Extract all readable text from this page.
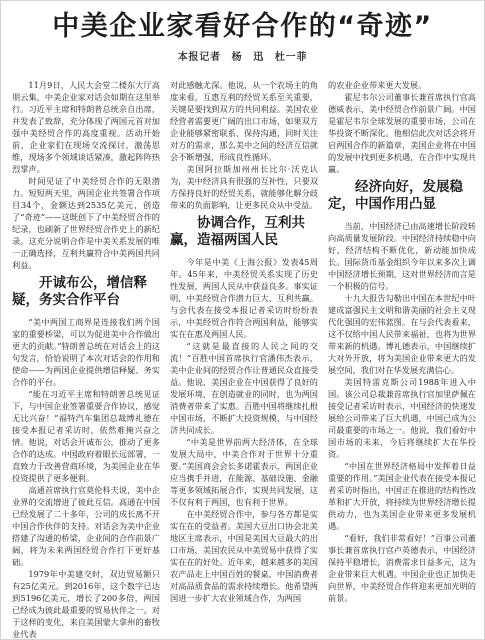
中美企业家看好合作的“奇迹”
本报记者　杨　迅　杜一菲

11月9日，人民大会堂二楼东大厅高朋云集，中美企业家对话会如期在这里举行。习近平主席和特朗普总统亲自出席，并发表了致辞，充分体现了两国元首对加强中美经贸合作的高度重视。活动开始前，企业家们在现场交流探讨，激荡思维，现场多个领域谈话紧凑，激起阵阵热烈掌声。

时间见证了中美经贸合作的无限潜力。短短两天里，两国企业共签署合作项目34个，金额达到2535亿美元，创造了“奇迹”——这既创下了中美经贸合作的纪录，也刷新了世界经贸合作史上的新纪录。这充分说明合作是中美关系发展的唯一正确选择，互利共赢符合中美两国共同利益。

开诚布公，增信释疑，务实合作平台

“美中两国工商界是连接我们两个国家的重要桥梁，可以为促进美中合作做出更大的贡献。”特朗普总统在对话会上的这句发言，恰恰说明了本次对话会的作用和使命——为两国企业提供增信释疑、务实合作的平台。

“能在习近平主席和特朗普总统见证下，与中国企业签署重要合作协议，感觉无比兴奋！”福特汽车集团总裁博礼德在接受本报记者采访时，依然难掩兴奋之情。他说，对话会开诚布公，推动了更多合作的达成。中国政府着眼长远部署，一直致力于改善营商环境，为美国企业在华投资提供了更多便利。

高通首席执行官莫伦科夫说，美中企业界的交流增进了彼此互信。高通在中国已经发展了二十多年，公司的成长离不开中国合作伙伴的支持。对话会为美中企业搭建了沟通的桥梁，企业间的合作前景广阔，将为未来两国经贸合作打下更好基础。

1979年中美建交时，双边贸易额只有25亿美元。到2016年，这个数字已达到5196亿美元，增长了200多倍，两国已经成为彼此最重要的贸易伙伴之一。对于这样的变化，来自美国蒙大拿州的畜牧业代表

对此感触尤深。他说，从一个农场主的角度来看，互惠互利的经贸关系至关重要，关键是要找到双方的共同利益。美国农业经营者需要更广阔的出口市场，如果双方企业能够紧密联系、保持沟通，同时关注对方的需求，那么美中之间的经济互信就会不断增强，形成良性循环。

美国阿拉斯加州州长比尔·沃克认为，美中经济具有很强的互补性，只要双方保持良好的经贸关系，就能够化解分歧带来的负面影响，让更多民众从中受益。

协调合作，互利共赢，造福两国人民

今年是中美《上海公报》发表45周年。45年来，中美经贸关系实现了历史性发展，两国人民从中获益良多。事实证明，中美经贸合作潜力巨大、互利共赢。与会代表在接受本报记者采访时纷纷表示，中美经贸合作符合两国利益，能够实实在在惠及两国人民。

“这就是最直接的人民之间的交流！”百胜中国首席执行官潘伟杰表示，美中企业间的经贸合作让普通民众直接受益。他说，美国企业在中国获得了良好的发展环境，在创造就业的同时，也为两国消费者带来了实惠。百胜中国将继续扎根中国市场，不断扩大投资规模，与中国经济共同成长。

“中美是世界前两大经济体，在全球发展大局中，中美合作对于世界十分重要。”美国商会会长多诺霍表示，两国企业应当携手并进，在能源、基础设施、金融等更多领域拓展合作，实现共同发展，这不仅有利于两国，也有利于世界。

在中美经贸合作中，参与各方都是实实在在的受益者。美国大豆出口协会北美地区主席表示，中国是美国大豆最大的出口市场，美国农民从中美贸易中获得了实实在在的好处。近年来，越来越多的美国农产品走上中国百姓的餐桌，中国消费者对高品质食品的需求持续增长。他希望两国进一步扩大农业领域合作，为两国

的农业企业带来更大发展。

霍尼韦尔公司董事长兼首席执行官高德威表示，美中经贸合作前景广阔。中国是霍尼韦尔全球发展的重要市场，公司在华投资不断深化。他相信此次对话会将开启两国合作的新篇章，美国企业将在中国的发展中找到更多机遇，在合作中实现共赢。

经济向好，发展稳定，中国作用凸显

当前，中国经济已由高速增长阶段转向高质量发展阶段。中国经济持续稳中向好，经济结构不断优化，新动能加快成长。国际货币基金组织今年以来多次上调中国经济增长预期，这对世界经济而言是一个积极的信号。

十九大报告勾勒出中国在本世纪中叶建成富强民主文明和谐美丽的社会主义现代化强国的宏伟蓝图。在与会代表看来，这不仅给中国人民带来福祉，也将为世界带来新的机遇。博礼德表示，中国继续扩大对外开放，将为美国企业带来更大的发展空间，我们对在华发展充满信心。

美国特雷克斯公司1988年进入中国。该公司总裁兼首席执行官加里萨佩在接受记者采访时表示，中国经济的快速发展给公司带来了巨大机遇，中国已成为公司最重要的市场之一。他说，我们看好中国市场的未来，今后将继续扩大在华投资。

“中国在世界经济格局中发挥着日益重要的作用。”美国企业代表在接受本报记者采访时指出，中国正在推进的结构性改革和扩大开放，将持续为世界经济增长提供动力，也为美国企业带来更多发展机遇。

“看好，我们非常看好！”百事公司董事长兼首席执行官卢英德表示，中国经济保持平稳增长，消费需求日益多元，这为企业带来巨大机遇。中国企业也正加快走向世界，中美经贸合作将迎来更加光明的前景。
